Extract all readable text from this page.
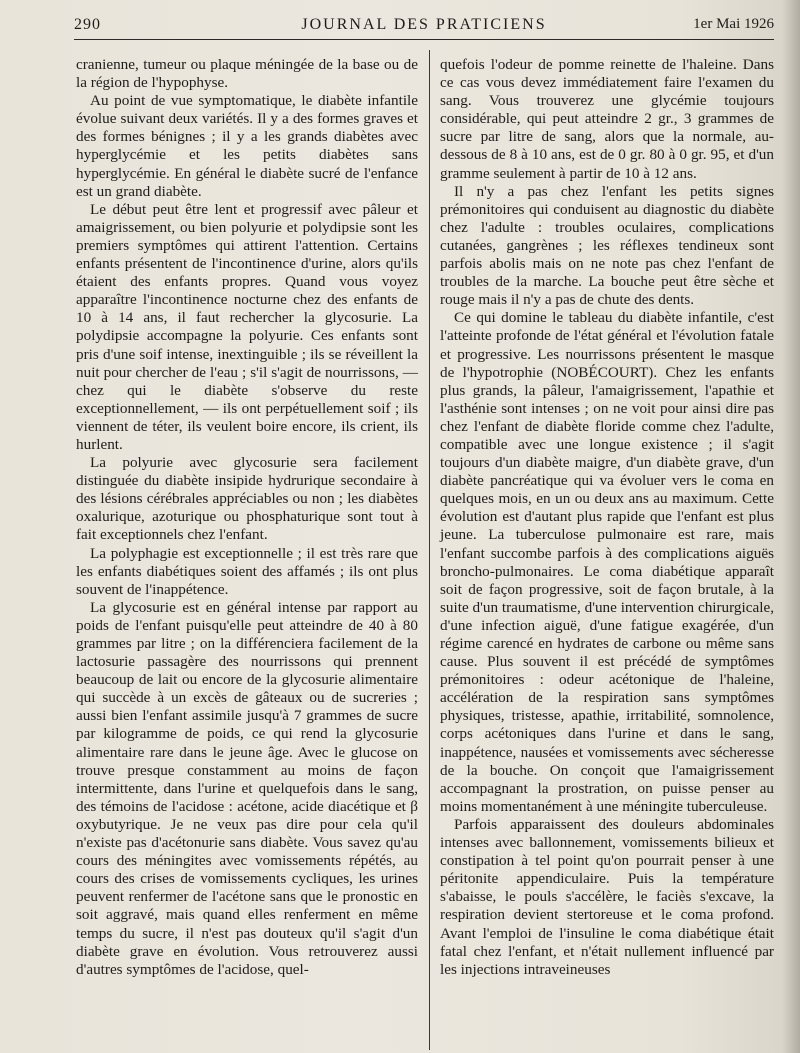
290	JOURNAL DES PRATICIENS	1er Mai 1926

cranienne, tumeur ou plaque méningée de la base ou de la région de l'hypophyse.

Au point de vue symptomatique, le diabète infantile évolue suivant deux variétés. Il y a des formes graves et des formes bénignes ; il y a les grands diabètes avec hyperglycémie et les petits diabètes sans hyperglycémie. En général le diabète sucré de l'enfance est un grand diabète.

Le début peut être lent et progressif avec pâleur et amaigrissement, ou bien polyurie et polydipsie sont les premiers symptômes qui attirent l'attention. Certains enfants présentent de l'incontinence d'urine, alors qu'ils étaient des enfants propres. Quand vous voyez apparaître l'incontinence nocturne chez des enfants de 10 à 14 ans, il faut rechercher la glycosurie. La polydipsie accompagne la polyurie. Ces enfants sont pris d'une soif intense, inextinguible ; ils se réveillent la nuit pour chercher de l'eau ; s'il s'agit de nourrissons, — chez qui le diabète s'observe du reste exceptionnellement, — ils ont perpétuellement soif ; ils viennent de téter, ils veulent boire encore, ils crient, ils hurlent.

La polyurie avec glycosurie sera facilement distinguée du diabète insipide hydrurique secondaire à des lésions cérébrales appréciables ou non ; les diabètes oxalurique, azoturique ou phosphaturique sont tout à fait exceptionnels chez l'enfant.

La polyphagie est exceptionnelle ; il est très rare que les enfants diabétiques soient des affamés ; ils ont plus souvent de l'inappétence.

La glycosurie est en général intense par rapport au poids de l'enfant puisqu'elle peut atteindre de 40 à 80 grammes par litre ; on la différenciera facilement de la lactosurie passagère des nourrissons qui prennent beaucoup de lait ou encore de la glycosurie alimentaire qui succède à un excès de gâteaux ou de sucreries ; aussi bien l'enfant assimile jusqu'à 7 grammes de sucre par kilogramme de poids, ce qui rend la glycosurie alimentaire rare dans le jeune âge. Avec le glucose on trouve presque constamment au moins de façon intermittente, dans l'urine et quelquefois dans le sang, des témoins de l'acidose : acétone, acide diacétique et β oxybutyrique. Je ne veux pas dire pour cela qu'il n'existe pas d'acétonurie sans diabète. Vous savez qu'au cours des méningites avec vomissements répétés, au cours des crises de vomissements cycliques, les urines peuvent renfermer de l'acétone sans que le pronostic en soit aggravé, mais quand elles renferment en même temps du sucre, il n'est pas douteux qu'il s'agit d'un diabète grave en évolution. Vous retrouverez aussi d'autres symptômes de l'acidose, quel-

quefois l'odeur de pomme reinette de l'haleine. Dans ce cas vous devez immédiatement faire l'examen du sang. Vous trouverez une glycémie toujours considérable, qui peut atteindre 2 gr., 3 grammes de sucre par litre de sang, alors que la normale, au-dessous de 8 à 10 ans, est de 0 gr. 80 à 0 gr. 95, et d'un gramme seulement à partir de 10 à 12 ans.

Il n'y a pas chez l'enfant les petits signes prémonitoires qui conduisent au diagnostic du diabète chez l'adulte : troubles oculaires, complications cutanées, gangrènes ; les réflexes tendineux sont parfois abolis mais on ne note pas chez l'enfant de troubles de la marche. La bouche peut être sèche et rouge mais il n'y a pas de chute des dents.

Ce qui domine le tableau du diabète infantile, c'est l'atteinte profonde de l'état général et l'évolution fatale et progressive. Les nourrissons présentent le masque de l'hypotrophie (NOBÉCOURT). Chez les enfants plus grands, la pâleur, l'amaigrissement, l'apathie et l'asthénie sont intenses ; on ne voit pour ainsi dire pas chez l'enfant de diabète floride comme chez l'adulte, compatible avec une longue existence ; il s'agit toujours d'un diabète maigre, d'un diabète grave, d'un diabète pancréatique qui va évoluer vers le coma en quelques mois, en un ou deux ans au maximum. Cette évolution est d'autant plus rapide que l'enfant est plus jeune. La tuberculose pulmonaire est rare, mais l'enfant succombe parfois à des complications aiguës broncho-pulmonaires. Le coma diabétique apparaît soit de façon progressive, soit de façon brutale, à la suite d'un traumatisme, d'une intervention chirurgicale, d'une infection aiguë, d'une fatigue exagérée, d'un régime carencé en hydrates de carbone ou même sans cause. Plus souvent il est précédé de symptômes prémonitoires : odeur acétonique de l'haleine, accélération de la respiration sans symptômes physiques, tristesse, apathie, irritabilité, somnolence, corps acétoniques dans l'urine et dans le sang, inappétence, nausées et vomissements avec sécheresse de la bouche. On conçoit que l'amaigrissement accompagnant la prostration, on puisse penser au moins momentanément à une méningite tuberculeuse.

Parfois apparaissent des douleurs abdominales intenses avec ballonnement, vomissements bilieux et constipation à tel point qu'on pourrait penser à une péritonite appendiculaire. Puis la température s'abaisse, le pouls s'accélère, le faciès s'excave, la respiration devient stertoreuse et le coma profond. Avant l'emploi de l'insuline le coma diabétique était fatal chez l'enfant, et n'était nullement influencé par les injections intraveineuses
